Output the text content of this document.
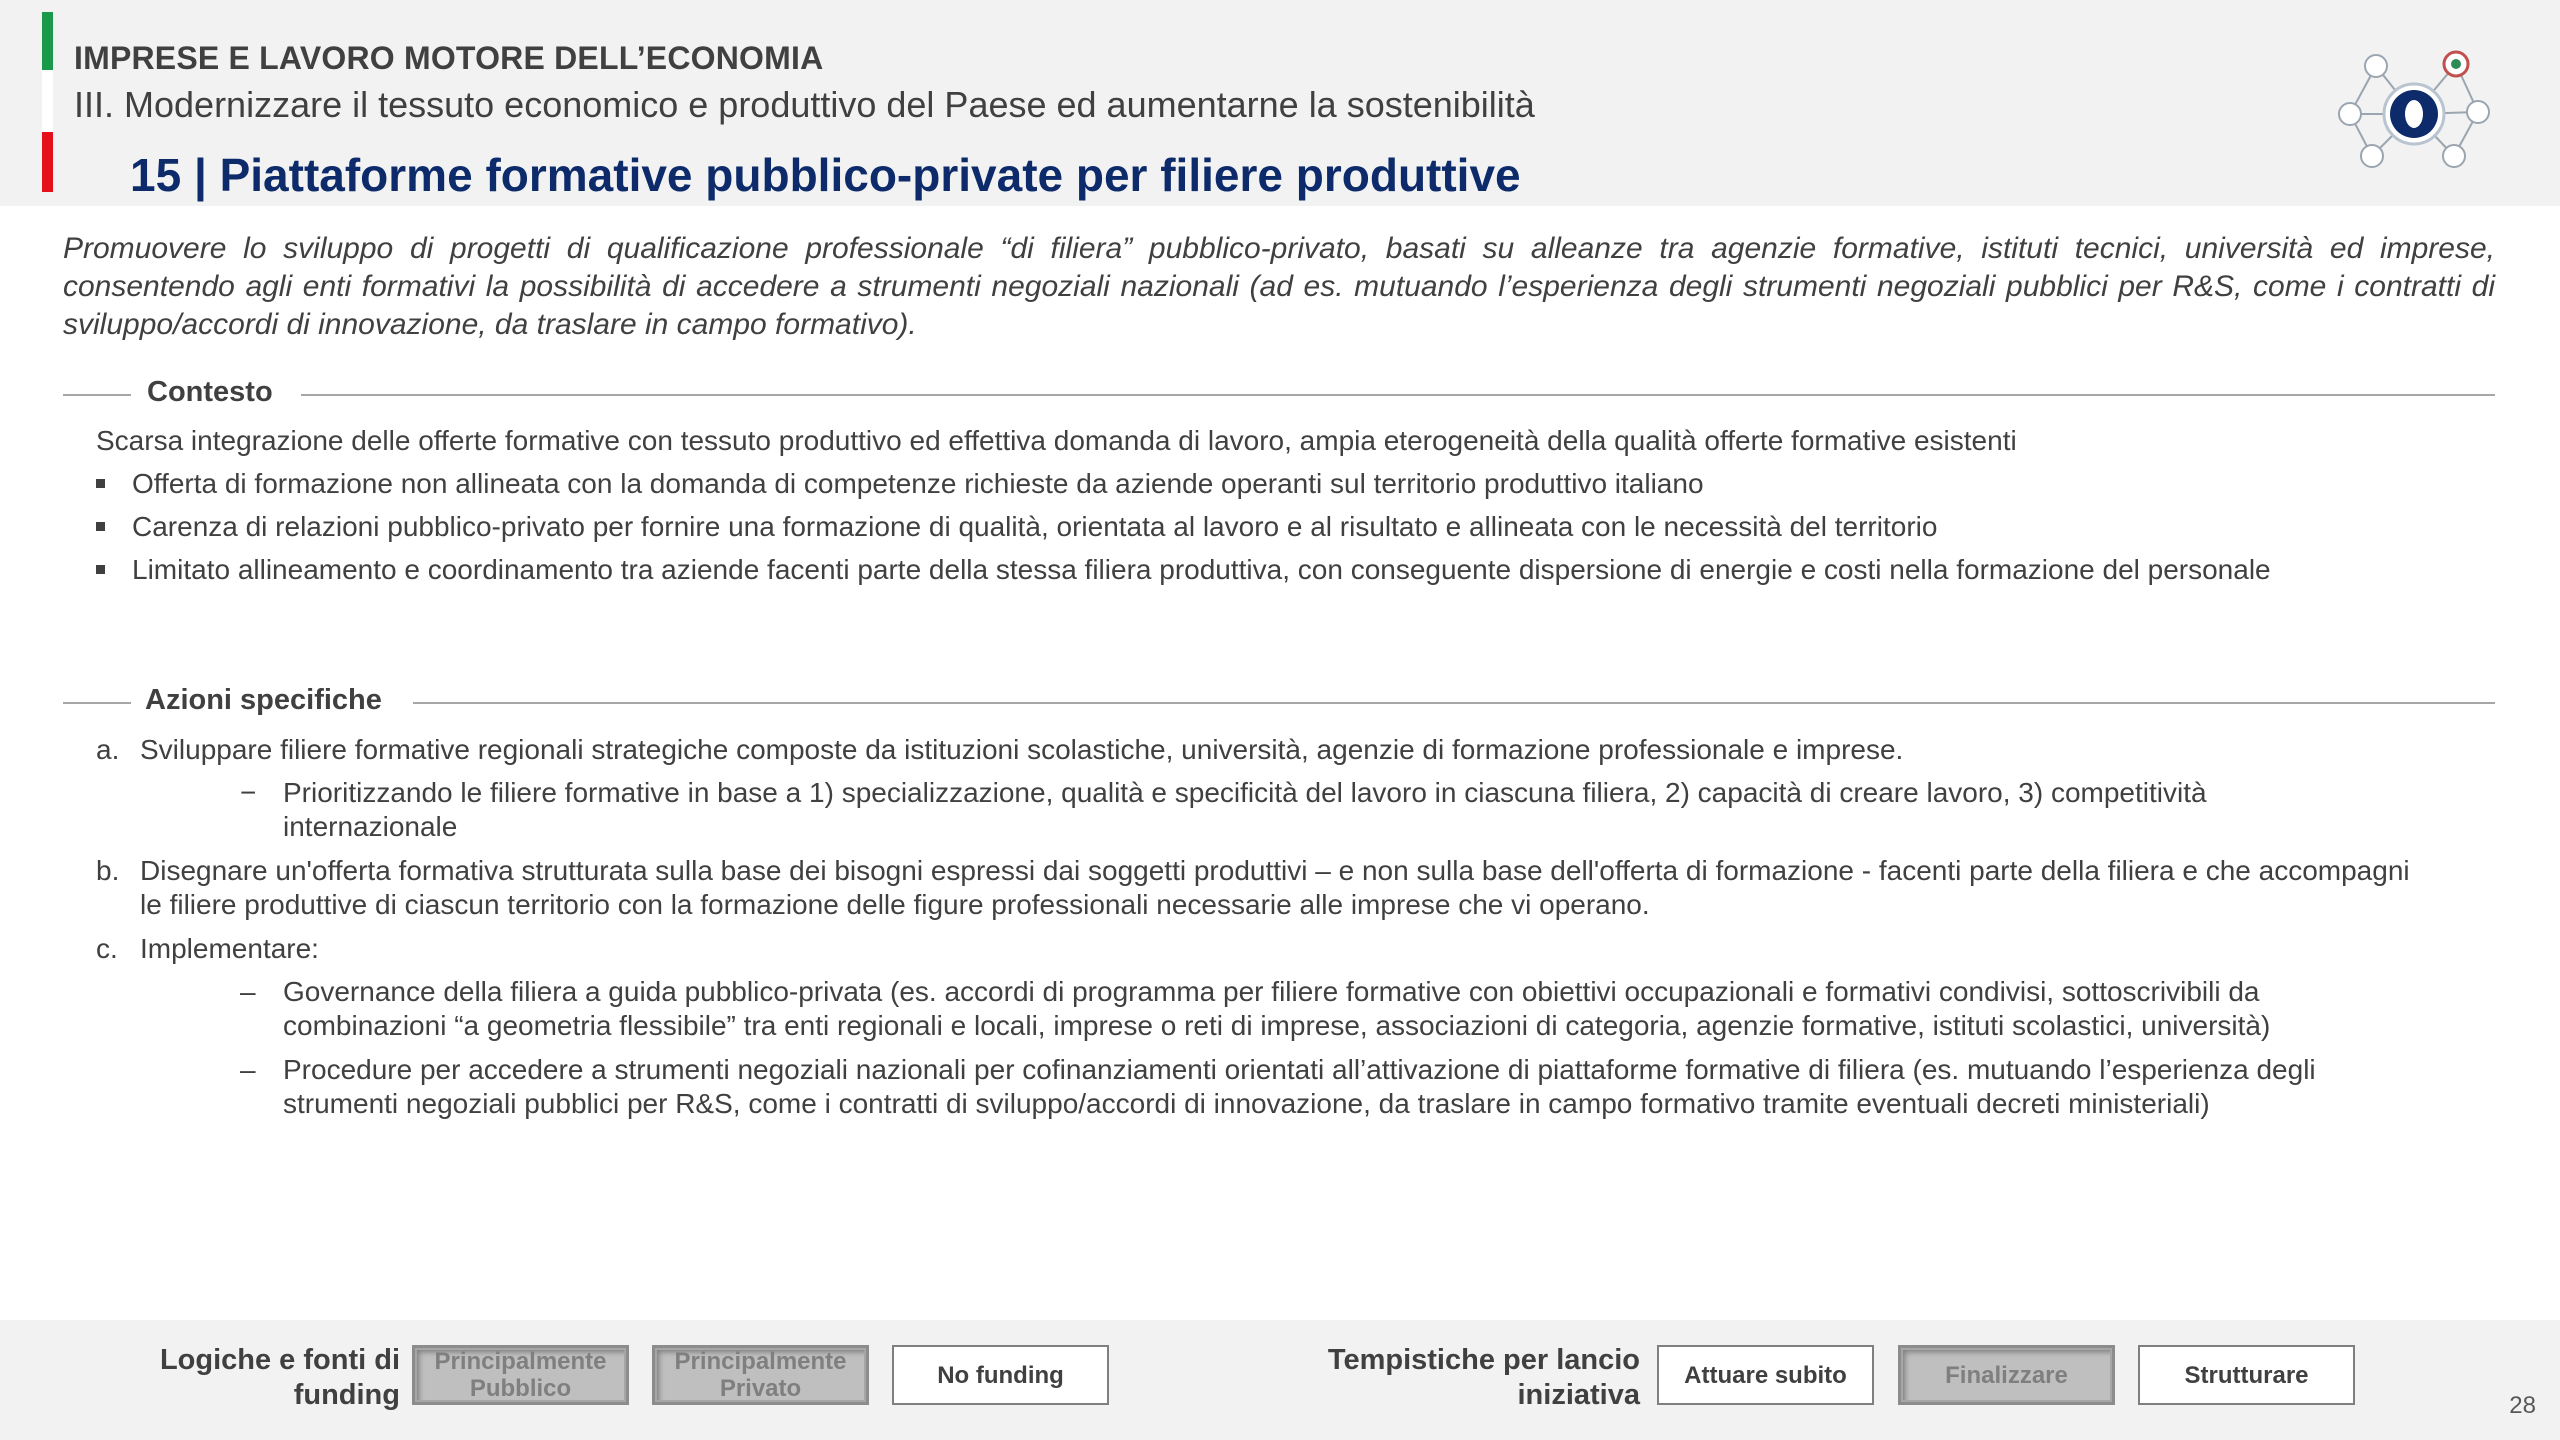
IMPRESE E LAVORO MOTORE DELL’ECONOMIA
III. Modernizzare il tessuto economico e produttivo del Paese ed aumentarne la sostenibilità
15 | Piattaforme formative pubblico-private per filiere produttive
Promuovere lo sviluppo di progetti di qualificazione professionale “di filiera” pubblico-privato, basati su alleanze tra agenzie formative, istituti tecnici, università ed imprese, consentendo agli enti formativi la possibilità di accedere a strumenti negoziali nazionali (ad es. mutuando l’esperienza degli strumenti negoziali pubblici per R&S, come i contratti di sviluppo/accordi di innovazione, da traslare in campo formativo).
Contesto
Scarsa integrazione delle offerte formative con tessuto produttivo ed effettiva domanda di lavoro, ampia eterogeneità della qualità offerte formative esistenti
Offerta di formazione non allineata con la domanda di competenze richieste da aziende operanti sul territorio produttivo italiano
Carenza di relazioni pubblico-privato per fornire una formazione di qualità, orientata al lavoro e al risultato e allineata con le necessità del territorio
Limitato allineamento e coordinamento tra aziende facenti parte della stessa filiera produttiva, con conseguente dispersione di energie e costi nella formazione del personale
Azioni specifiche
a. Sviluppare filiere formative regionali strategiche composte da istituzioni scolastiche, università, agenzie di formazione professionale e imprese.
− Prioritizzando le filiere formative in base a 1) specializzazione, qualità e specificità del lavoro in ciascuna filiera, 2) capacità di creare lavoro, 3) competitività internazionale
b. Disegnare un'offerta formativa strutturata sulla base dei bisogni espressi dai soggetti produttivi – e non sulla base dell'offerta di formazione - facenti parte della filiera e che accompagni le filiere produttive di ciascun territorio con la formazione delle figure professionali necessarie alle imprese che vi operano.
c. Implementare:
– Governance della filiera a guida pubblico-privata (es. accordi di programma per filiere formative con obiettivi occupazionali e formativi condivisi, sottoscrivibili da combinazioni “a geometria flessibile” tra enti regionali e locali, imprese o reti di imprese, associazioni di categoria, agenzie formative, istituti scolastici, università)
– Procedure per accedere a strumenti negoziali nazionali per cofinanziamenti orientati all’attivazione di piattaforme formative di filiera (es. mutuando l’esperienza degli strumenti negoziali pubblici per R&S, come i contratti di sviluppo/accordi di innovazione, da traslare in campo formativo tramite eventuali decreti ministeriali)
Logiche e fonti di funding
Principalmente Pubblico
Principalmente Privato	No funding	Tempistiche per lancio iniziativa
Attuare subito	Finalizzare	Strutturare
28
